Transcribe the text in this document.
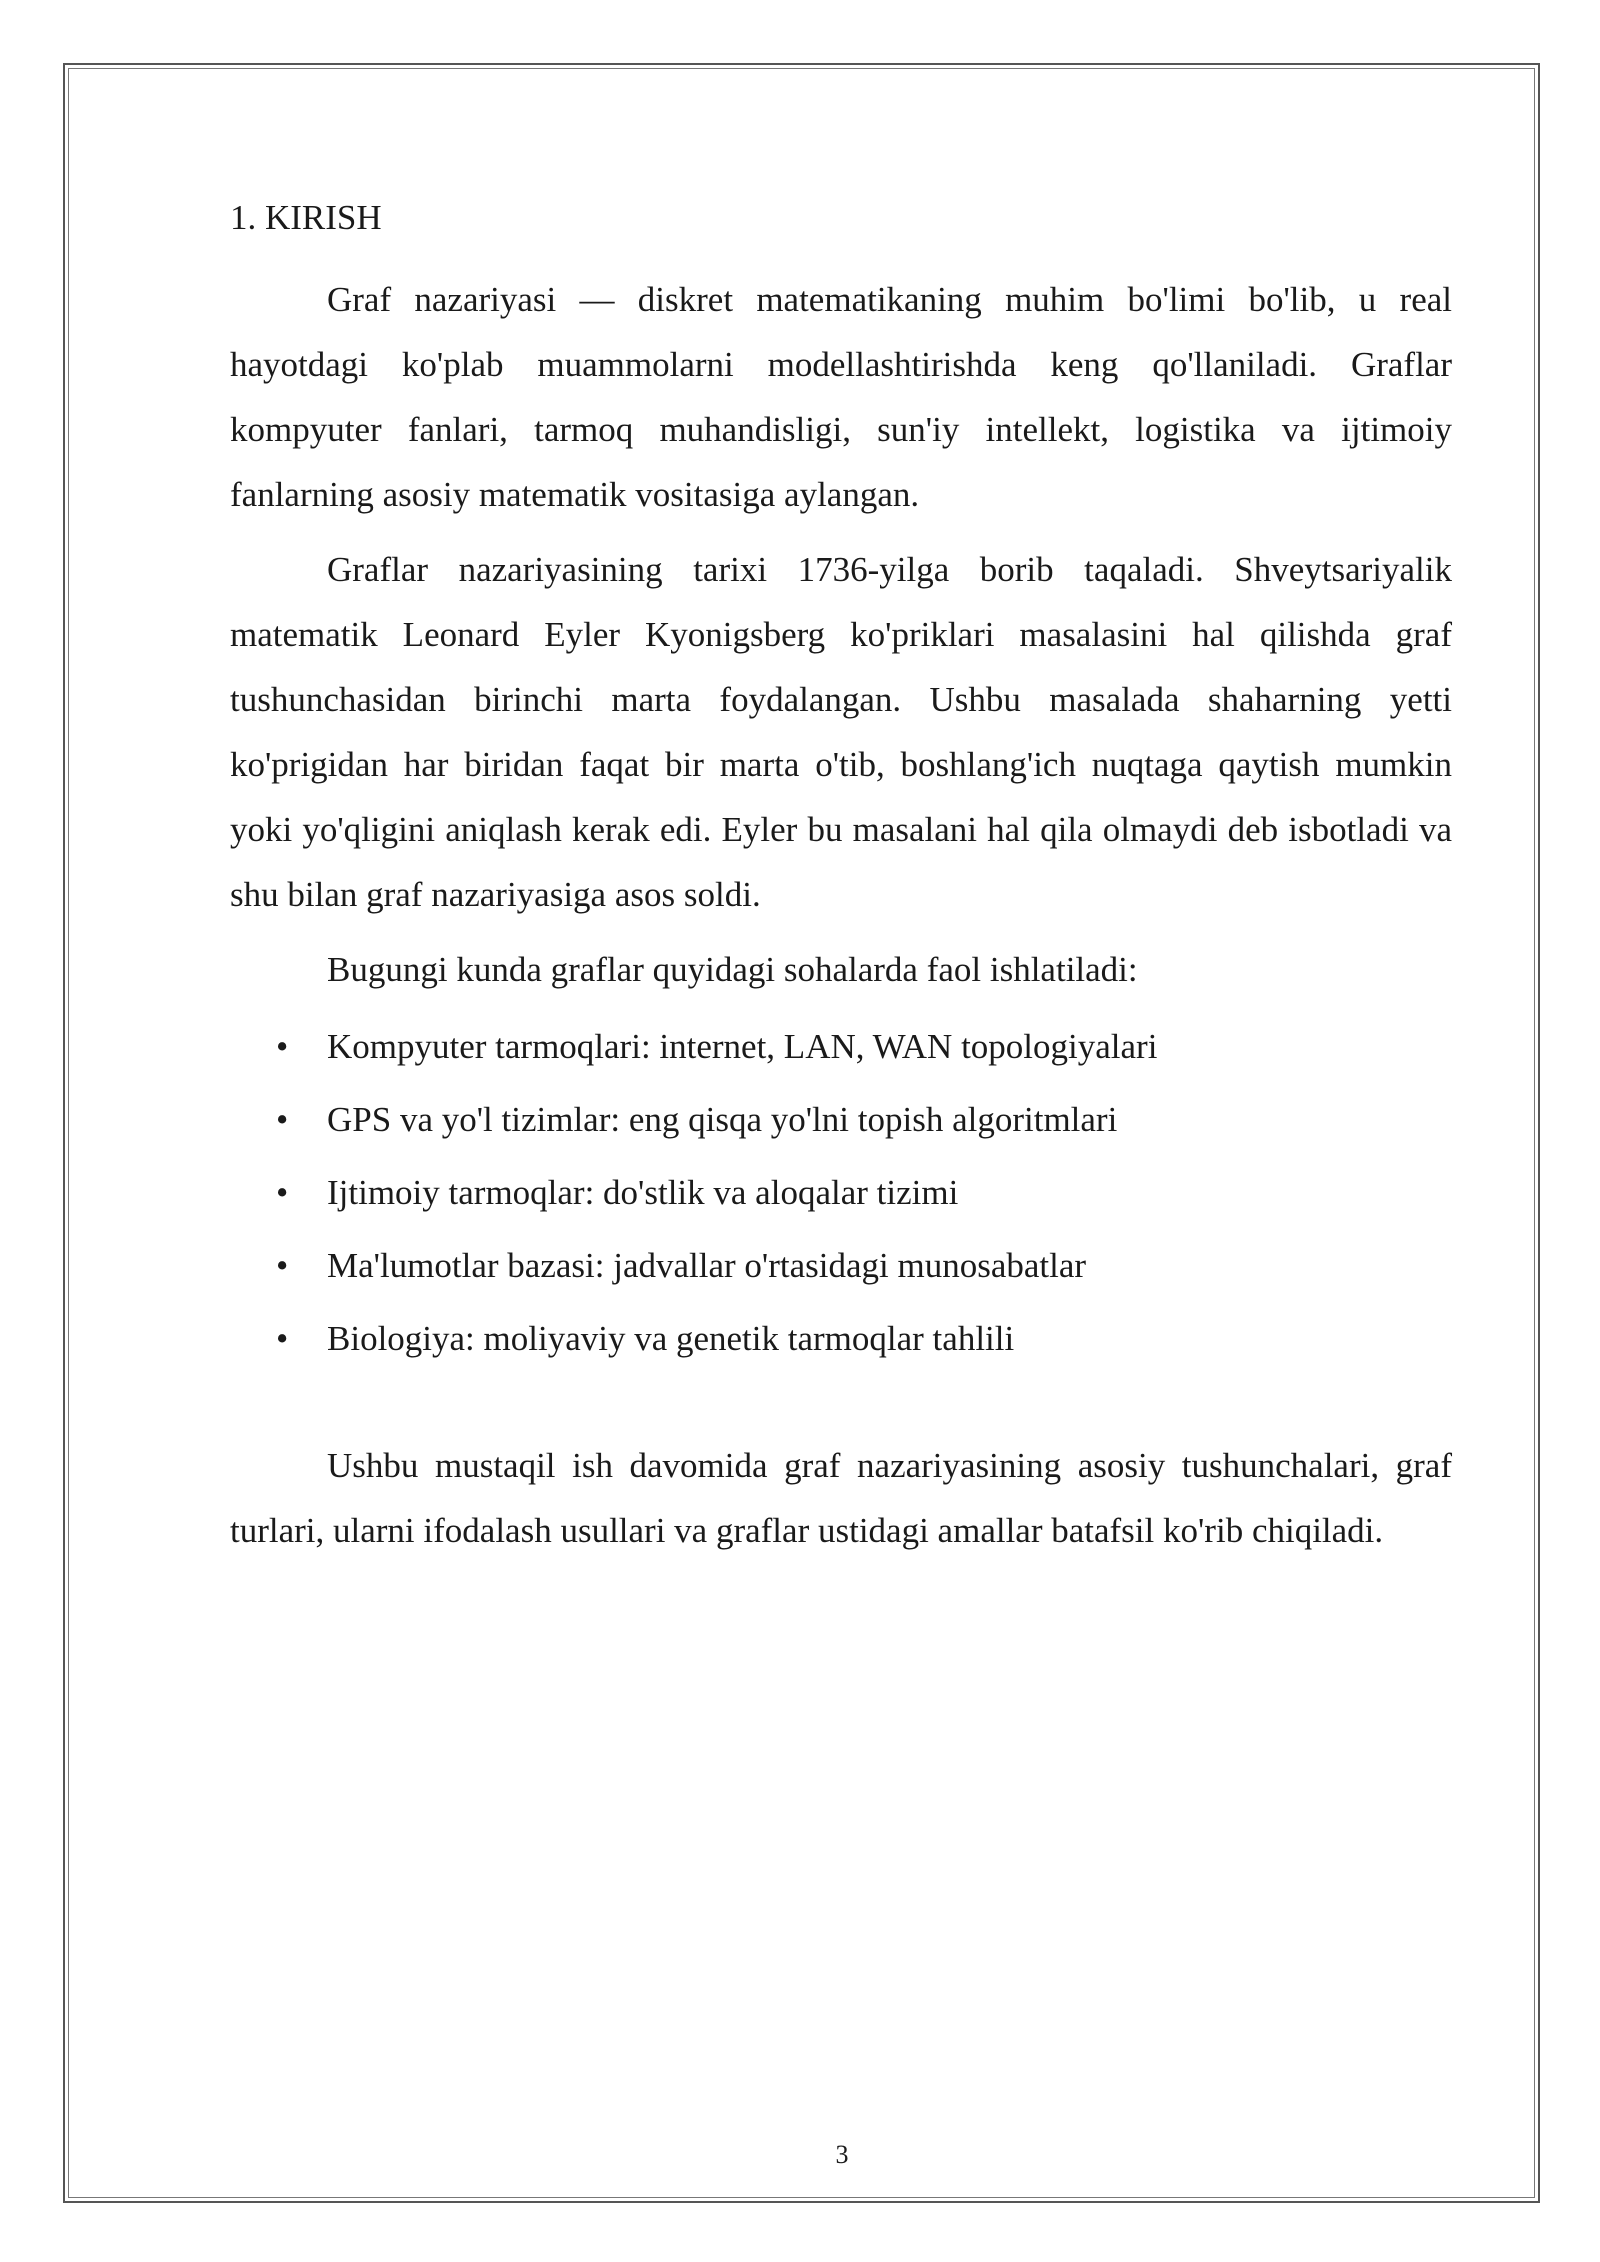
1. KIRISH

Graf nazariyasi — diskret matematikaning muhim bo'limi bo'lib, u real hayotdagi ko'plab muammolarni modellashtirishda keng qo'llaniladi. Graflar kompyuter fanlari, tarmoq muhandisligi, sun'iy intellekt, logistika va ijtimoiy fanlarning asosiy matematik vositasiga aylangan.

Graflar nazariyasining tarixi 1736-yilga borib taqaladi. Shveytsariyalik matematik Leonard Eyler Kyonigsberg ko'priklari masalasini hal qilishda graf tushunchasidan birinchi marta foydalangan. Ushbu masalada shaharning yetti ko'prigidan har biridan faqat bir marta o'tib, boshlang'ich nuqtaga qaytish mumkin yoki yo'qligini aniqlash kerak edi. Eyler bu masalani hal qila olmaydi deb isbotladi va shu bilan graf nazariyasiga asos soldi.

Bugungi kunda graflar quyidagi sohalarda faol ishlatiladi:

• Kompyuter tarmoqlari: internet, LAN, WAN topologiyalari
• GPS va yo'l tizimlar: eng qisqa yo'lni topish algoritmlari
• Ijtimoiy tarmoqlar: do'stlik va aloqalar tizimi
• Ma'lumotlar bazasi: jadvallar o'rtasidagi munosabatlar
• Biologiya: moliyaviy va genetik tarmoqlar tahlili

Ushbu mustaqil ish davomida graf nazariyasining asosiy tushunchalari, graf turlari, ularni ifodalash usullari va graflar ustidagi amallar batafsil ko'rib chiqiladi.

3
